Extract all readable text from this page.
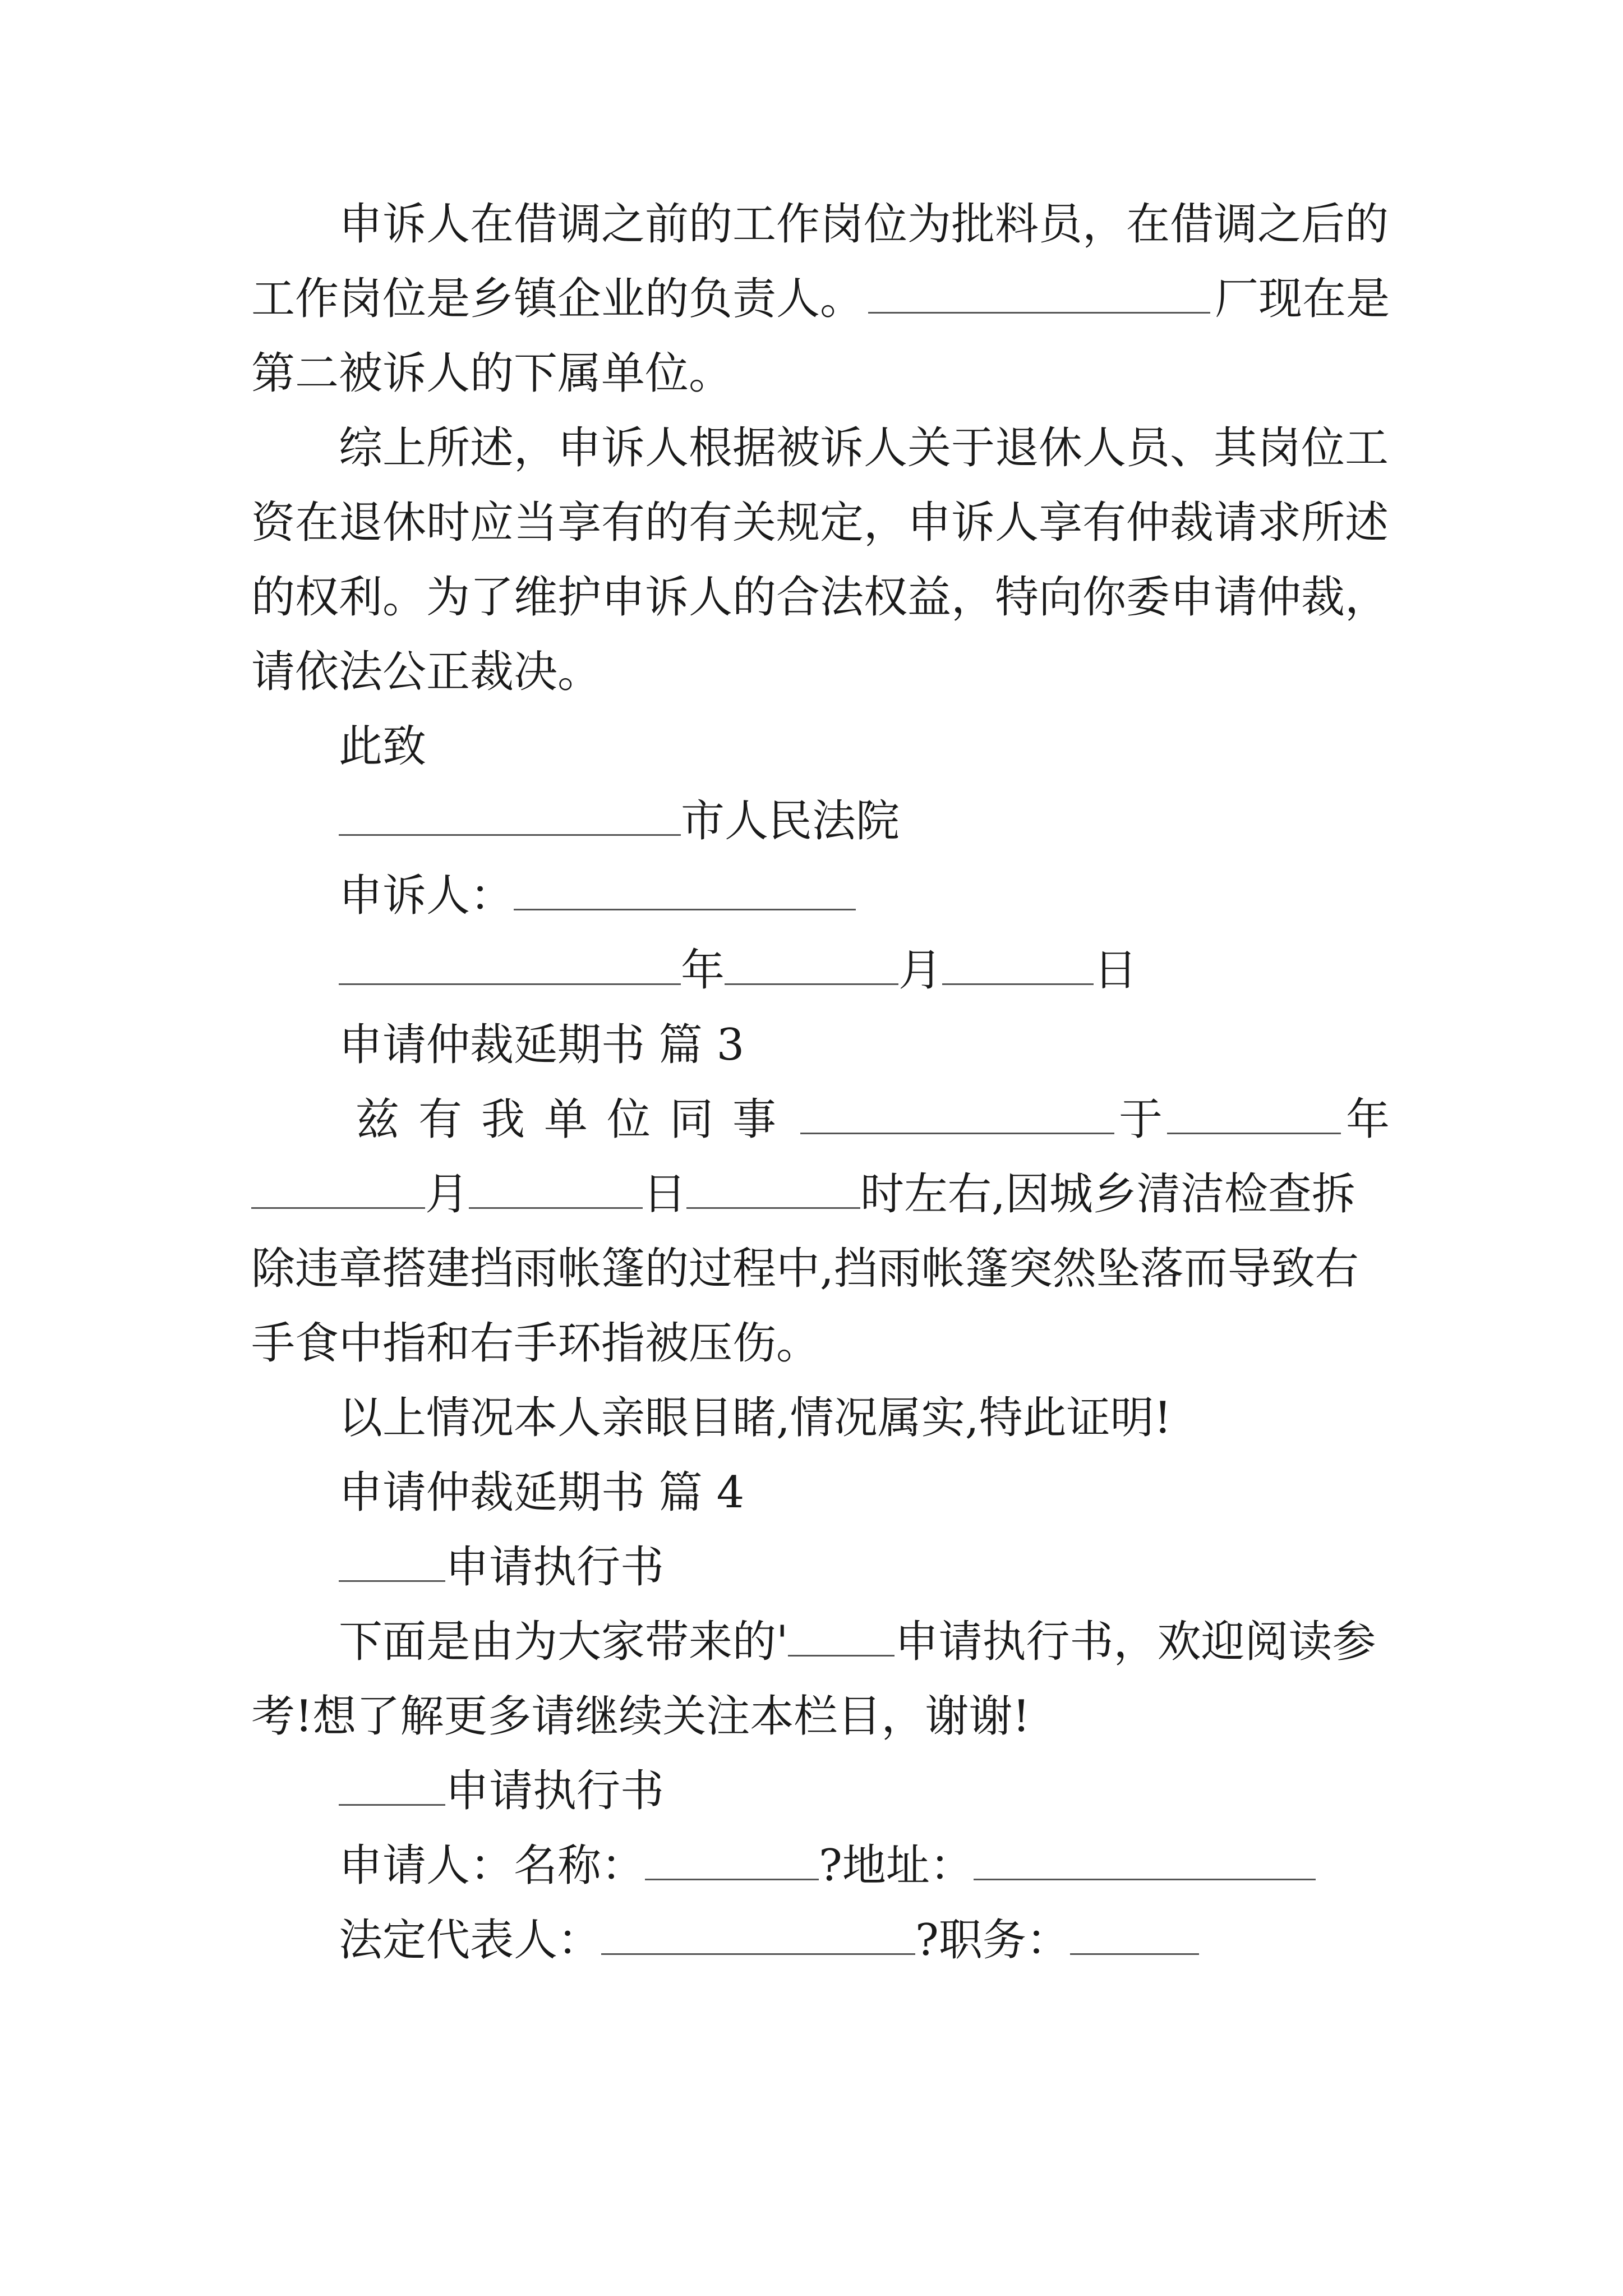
申诉人在借调之前的工作岗位为批料员，在借调之后的
工作岗位是乡镇企业的负责人。	厂现在是
第二被诉人的下属单位。
综上所述，申诉人根据被诉人关于退休人员、其岗位工
资在退休时应当享有的有关规定，申诉人享有仲裁请求所述
的权利。为了维护申诉人的合法权益，特向你委申请仲裁，
请依法公正裁决。
此致
市人民法院
申诉人：
年	月	日
申请仲裁延期书 篇 3
兹有我单位同事	于	年
月	日	时左右,因城乡清洁检查拆
除违章搭建挡雨帐篷的过程中,挡雨帐篷突然坠落而导致右
手食中指和右手环指被压伤。
以上情况本人亲眼目睹,情况属实,特此证明!
申请仲裁延期书 篇 4
申请执行书
下面是由为大家带来的' 申请执行书，欢迎阅读参
考!想了解更多请继续关注本栏目，谢谢!
申请执行书
申请人：名称：	?地址：
法定代表人：	?职务：
